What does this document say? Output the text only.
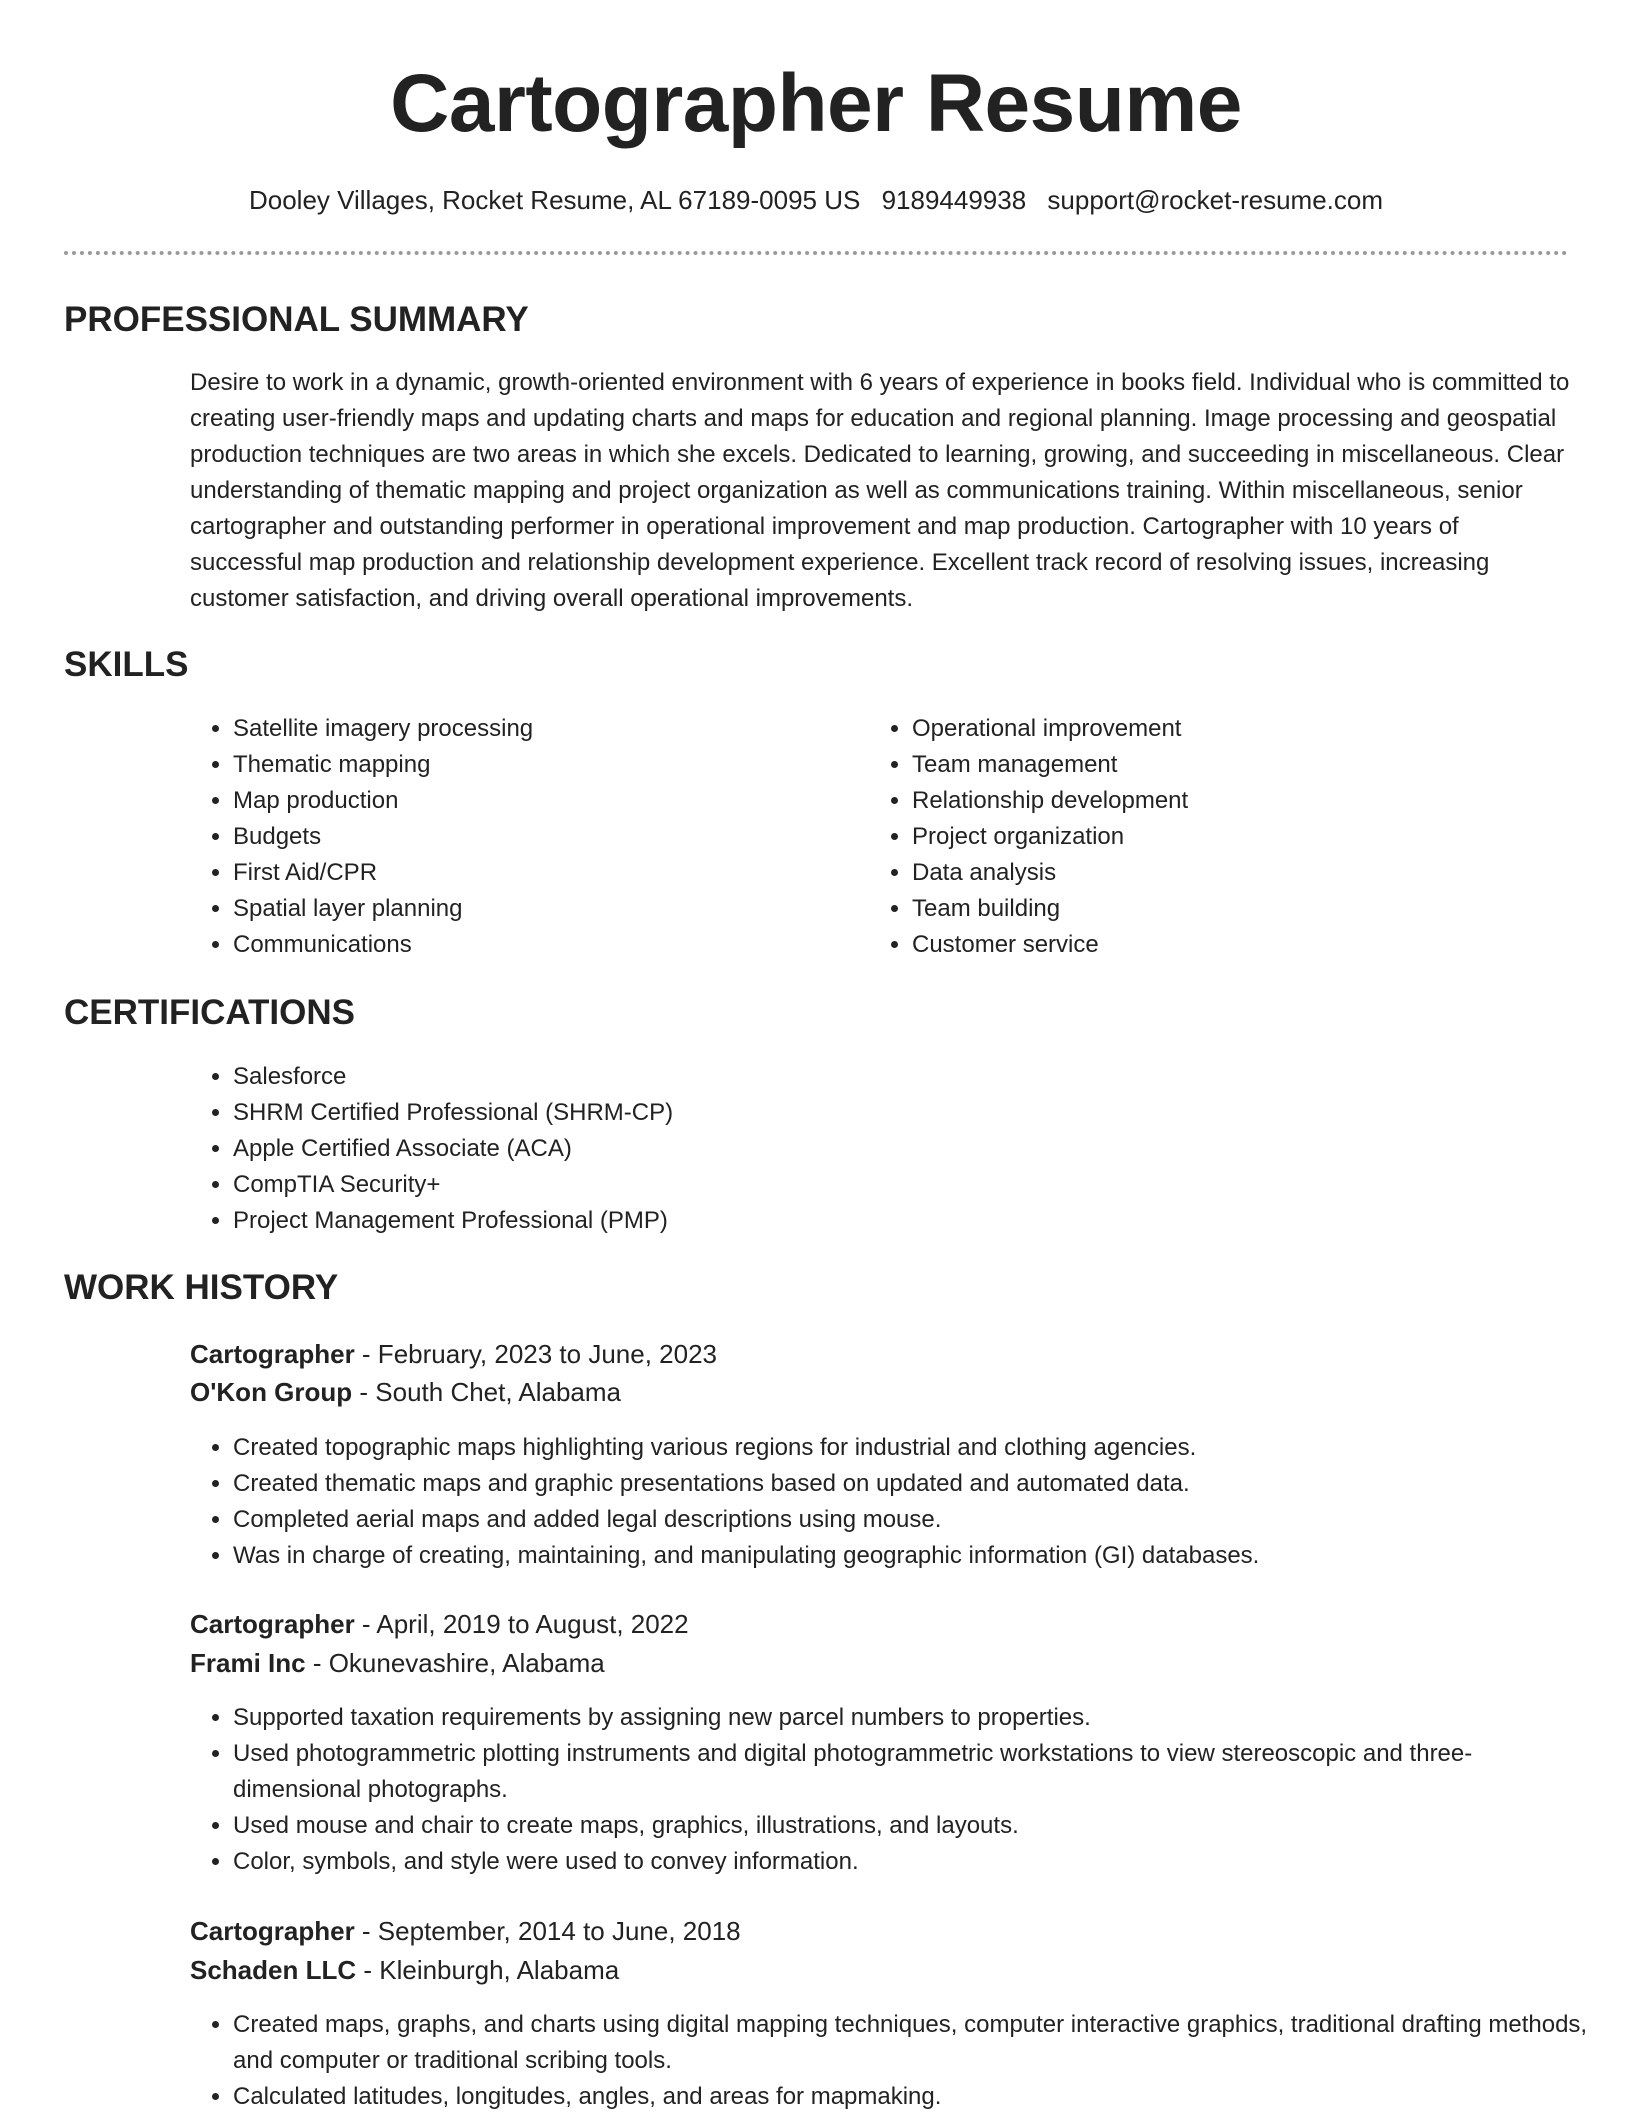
Cartographer Resume
Dooley Villages, Rocket Resume, AL 67189-0095 US 9189449938 support@rocket-resume.com
PROFESSIONAL SUMMARY

Desire to work in a dynamic, growth-oriented environment with 6 years of experience in books field. Individual who is committed to creating user-friendly maps and updating charts and maps for education and regional planning. Image processing and geospatial production techniques are two areas in which she excels. Dedicated to learning, growing, and succeeding in miscellaneous. Clear understanding of thematic mapping and project organization as well as communications training. Within miscellaneous, senior cartographer and outstanding performer in operational improvement and map production. Cartographer with 10 years of successful map production and relationship development experience. Excellent track record of resolving issues, increasing customer satisfaction, and driving overall operational improvements.

SKILLS
• Satellite imagery processing
• Thematic mapping
• Map production
• Budgets
• First Aid/CPR
• Spatial layer planning
• Communications
• Operational improvement
• Team management
• Relationship development
• Project organization
• Data analysis
• Team building
• Customer service
CERTIFICATIONS
• Salesforce
• SHRM Certified Professional (SHRM-CP)
• Apple Certified Associate (ACA)
• CompTIA Security+
• Project Management Professional (PMP)
WORK HISTORY
Cartographer - February, 2023 to June, 2023
O'Kon Group - South Chet, Alabama
• Created topographic maps highlighting various regions for industrial and clothing agencies.
• Created thematic maps and graphic presentations based on updated and automated data.
• Completed aerial maps and added legal descriptions using mouse.
• Was in charge of creating, maintaining, and manipulating geographic information (GI) databases.
Cartographer - April, 2019 to August, 2022
Frami Inc - Okunevashire, Alabama
• Supported taxation requirements by assigning new parcel numbers to properties.
• Used photogrammetric plotting instruments and digital photogrammetric workstations to view stereoscopic and three-dimensional photographs.
• Used mouse and chair to create maps, graphics, illustrations, and layouts.
• Color, symbols, and style were used to convey information.
Cartographer - September, 2014 to June, 2018
Schaden LLC - Kleinburgh, Alabama
• Created maps, graphs, and charts using digital mapping techniques, computer interactive graphics, traditional drafting methods, and computer or traditional scribing tools.
• Calculated latitudes, longitudes, angles, and areas for mapmaking.
